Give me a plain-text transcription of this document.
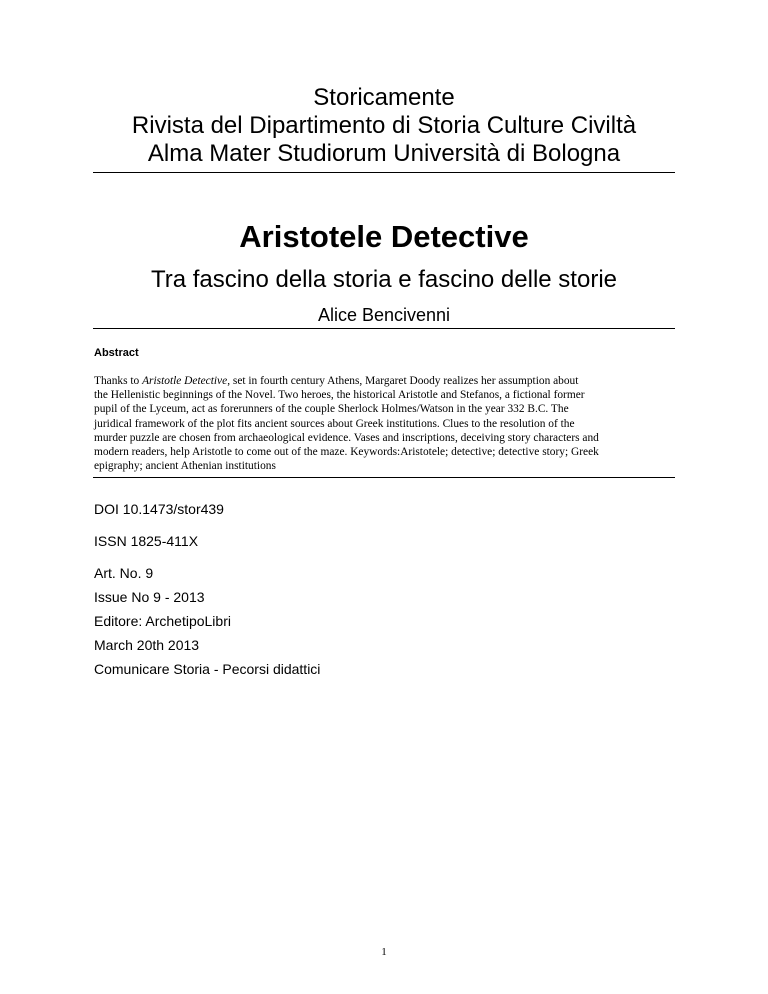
Storicamente
Rivista del Dipartimento di Storia Culture Civiltà
Alma Mater Studiorum Università di Bologna
Aristotele Detective
Tra fascino della storia e fascino delle storie
Alice Bencivenni
Abstract
Thanks to Aristotle Detective, set in fourth century Athens, Margaret Doody realizes her assumption about
the Hellenistic beginnings of the Novel. Two heroes, the historical Aristotle and Stefanos, a fictional former
pupil of the Lyceum, act as forerunners of the couple Sherlock Holmes/Watson in the year 332 B.C. The
juridical framework of the plot fits ancient sources about Greek institutions. Clues to the resolution of the
murder puzzle are chosen from archaeological evidence. Vases and inscriptions, deceiving story characters and
modern readers, help Aristotle to come out of the maze. Keywords:Aristotele; detective; detective story; Greek
epigraphy; ancient Athenian institutions
DOI 10.1473/stor439
ISSN 1825-411X
Art. No. 9
Issue No 9 - 2013
Editore: ArchetipoLibri
March 20th 2013
Comunicare Storia - Pecorsi didattici
1
